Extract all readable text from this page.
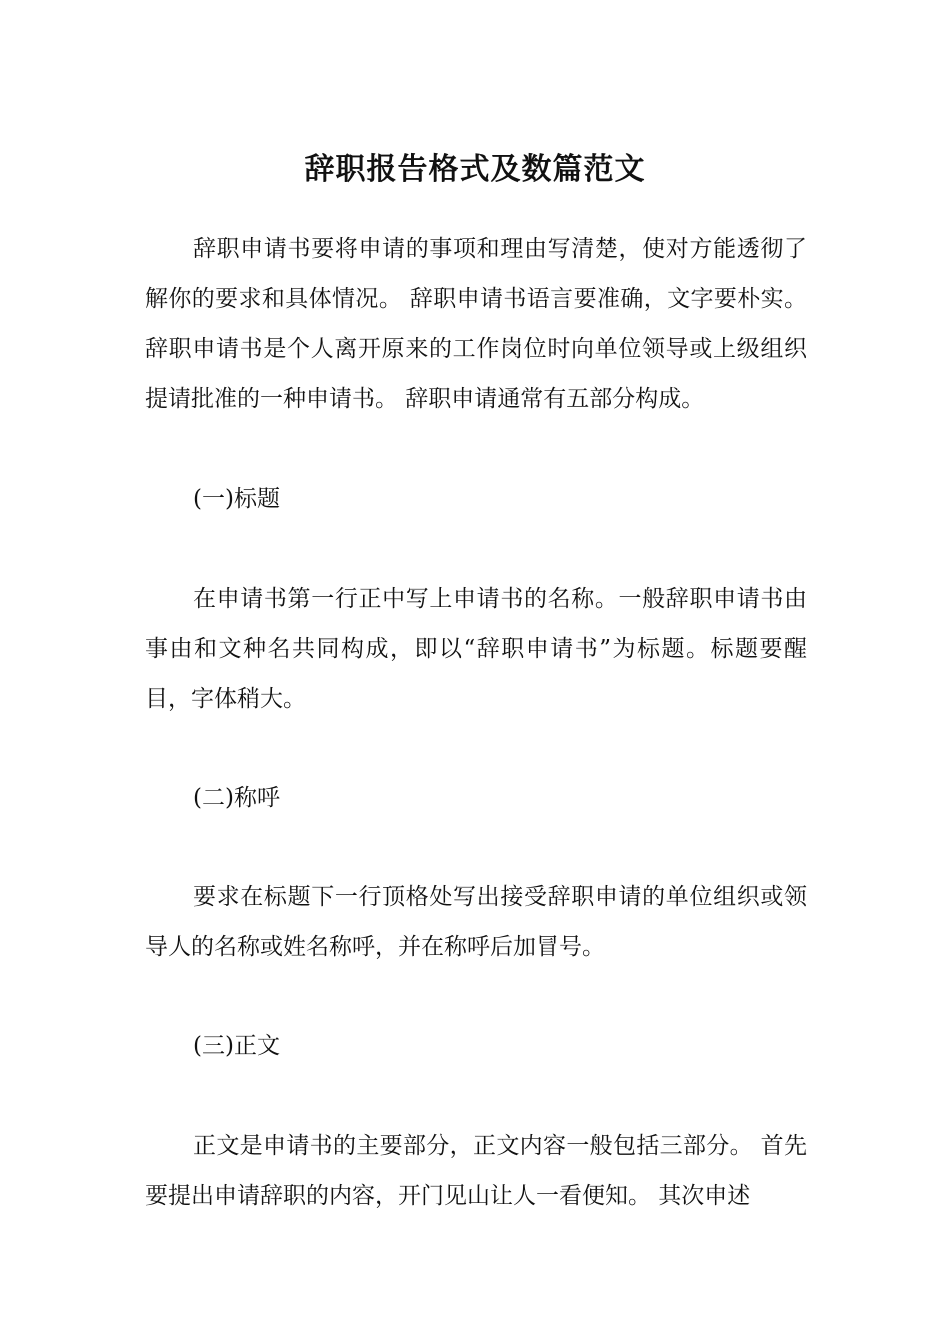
辞职报告格式及数篇范文

辞职申请书要将申请的事项和理由写清楚，使对方能透彻了解你的要求和具体情况。 辞职申请书语言要准确，文字要朴实。 辞职申请书是个人离开原来的工作岗位时向单位领导或上级组织提请批准的一种申请书。 辞职申请通常有五部分构成。

(一)标题

在申请书第一行正中写上申请书的名称。一般辞职申请书由事由和文种名共同构成，即以“辞职申请书”为标题。标题要醒目，字体稍大。

(二)称呼

要求在标题下一行顶格处写出接受辞职申请的单位组织或领导人的名称或姓名称呼，并在称呼后加冒号。

(三)正文

正文是申请书的主要部分，正文内容一般包括三部分。 首先要提出申请辞职的内容，开门见山让人一看便知。 其次申述
